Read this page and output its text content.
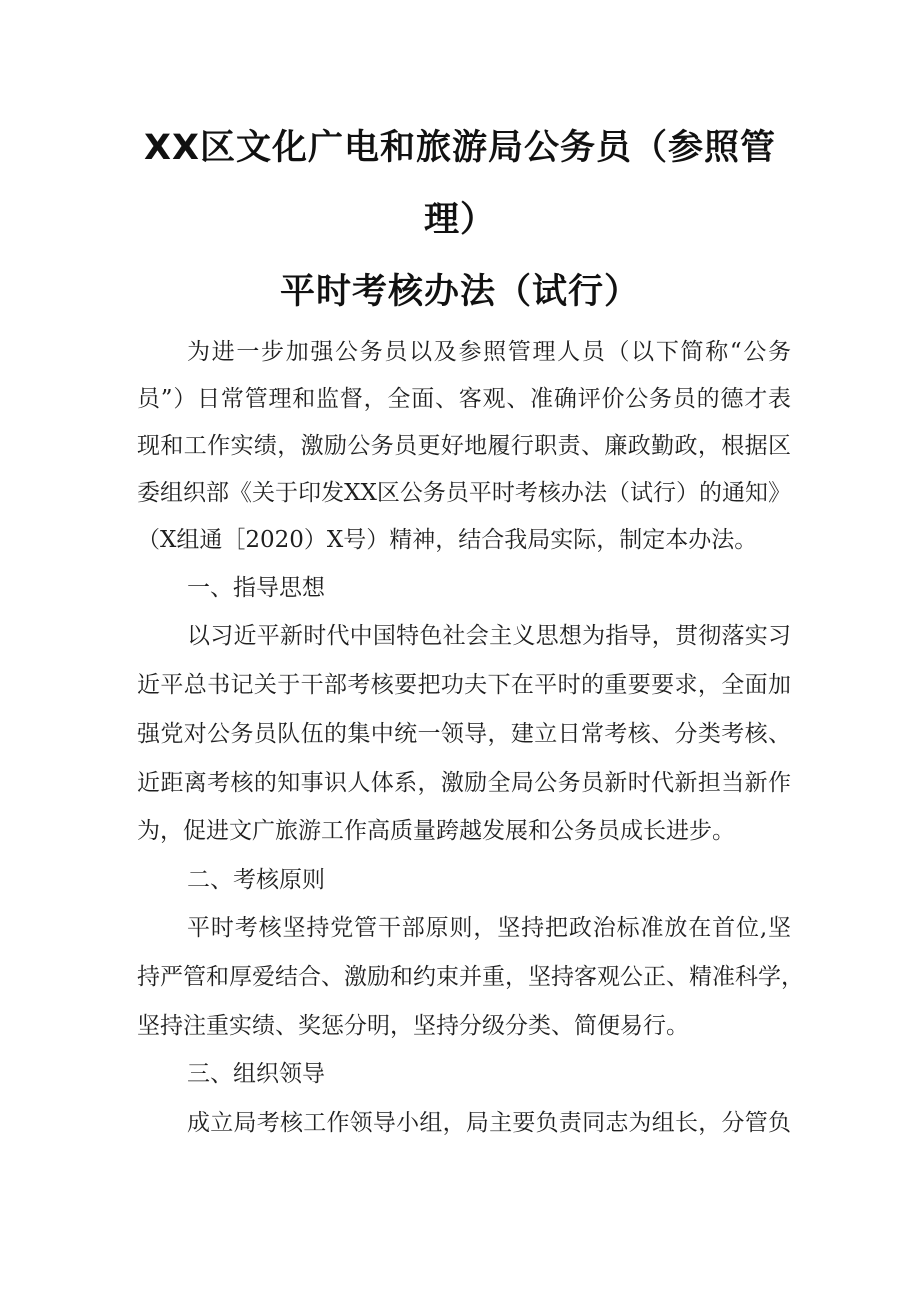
XX区文化广电和旅游局公务员（参照管
理）
平时考核办法（试行）
为进一步加强公务员以及参照管理人员（以下简称“公务
员”）日常管理和监督，全面、客观、准确评价公务员的德才表
现和工作实绩，激励公务员更好地履行职责、廉政勤政，根据区
委组织部《关于印发XX区公务员平时考核办法（试行）的通知》
（X组通［2020）X号）精神，结合我局实际，制定本办法。
一、指导思想
以习近平新时代中国特色社会主义思想为指导，贯彻落实习
近平总书记关于干部考核要把功夫下在平时的重要要求，全面加
强党对公务员队伍的集中统一领导，建立日常考核、分类考核、
近距离考核的知事识人体系，激励全局公务员新时代新担当新作
为，促进文广旅游工作高质量跨越发展和公务员成长进步。
二、考核原则
平时考核坚持党管干部原则，坚持把政治标准放在首位,坚
持严管和厚爱结合、激励和约束并重，坚持客观公正、精准科学，
坚持注重实绩、奖惩分明，坚持分级分类、简便易行。
三、组织领导
成立局考核工作领导小组，局主要负责同志为组长，分管负
